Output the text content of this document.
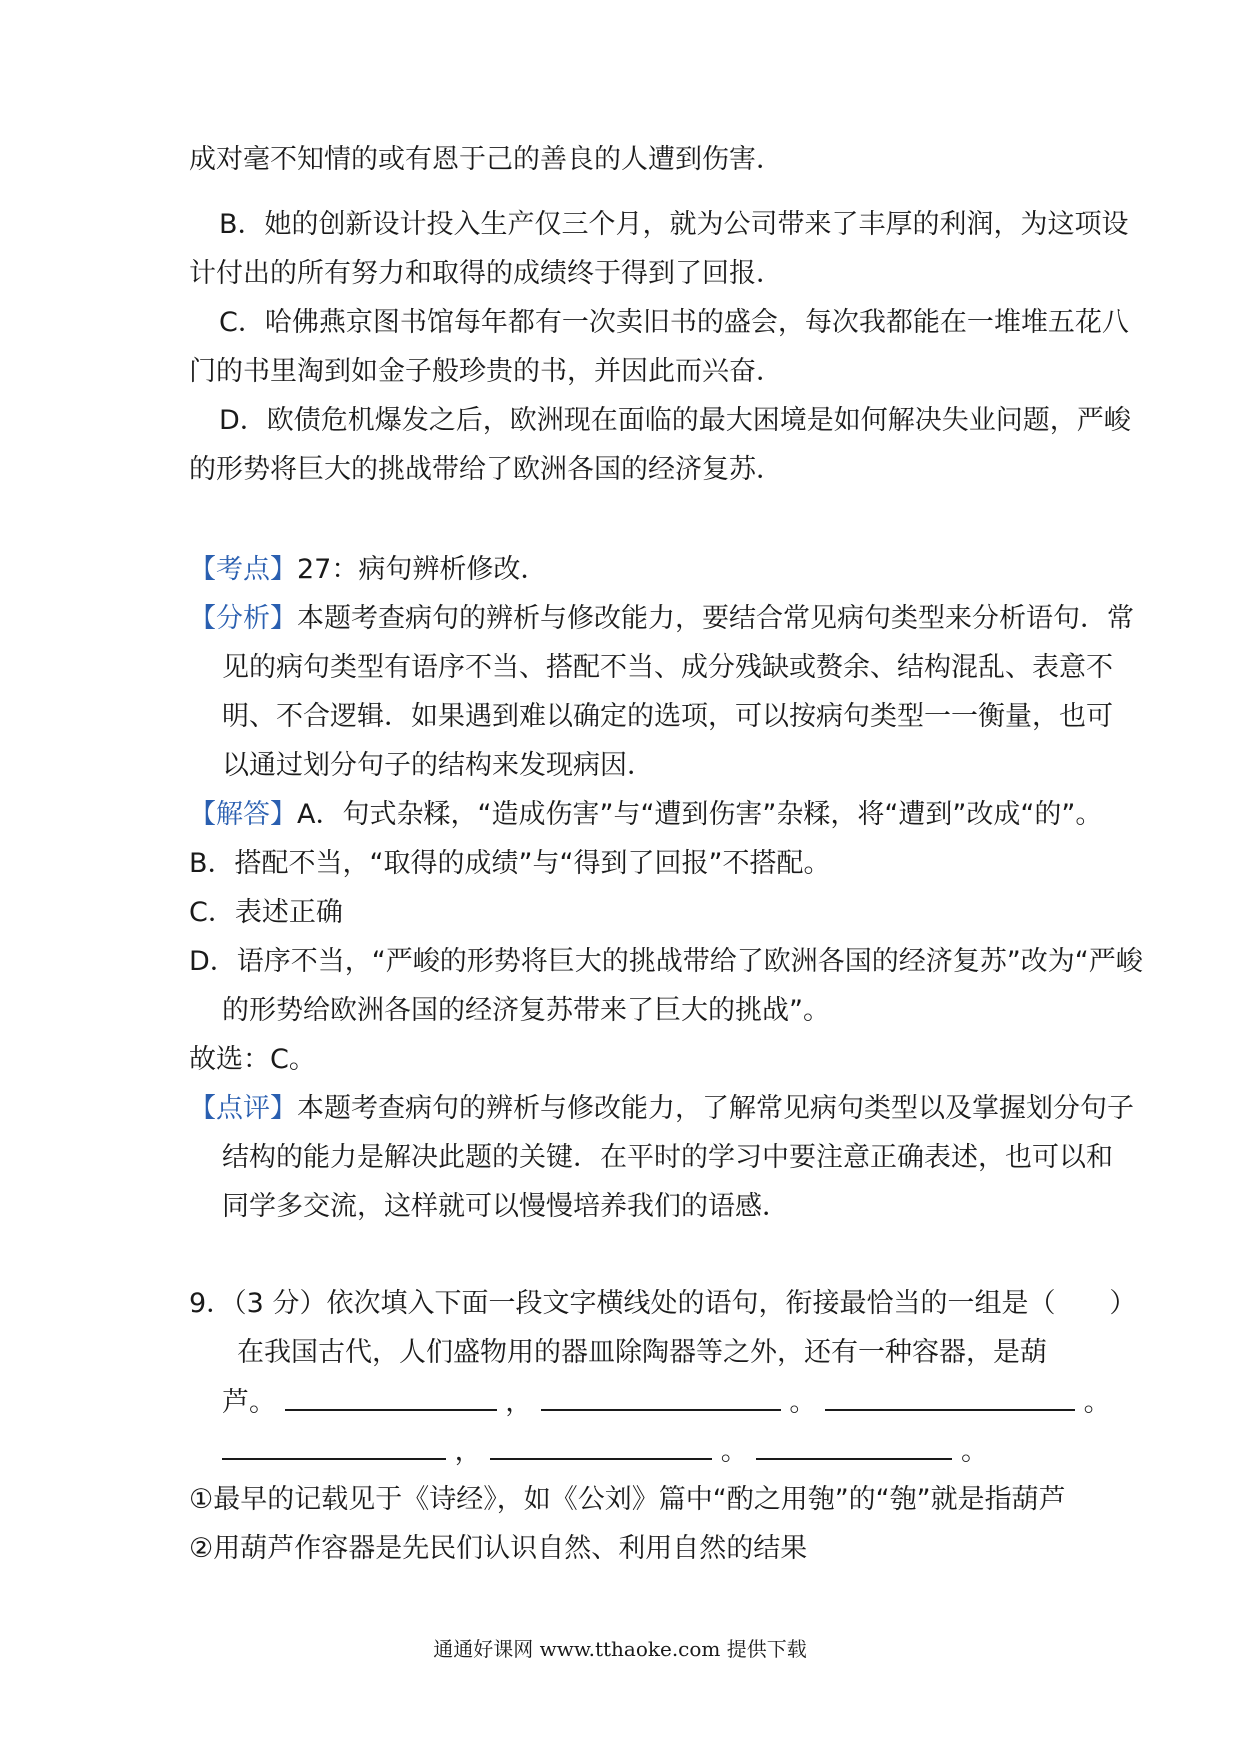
成对毫不知情的或有恩于己的善良的人遭到伤害．
B．她的创新设计投入生产仅三个月，就为公司带来了丰厚的利润，为这项设
计付出的所有努力和取得的成绩终于得到了回报．
C．哈佛燕京图书馆每年都有一次卖旧书的盛会，每次我都能在一堆堆五花八
门的书里淘到如金子般珍贵的书，并因此而兴奋．
D．欧债危机爆发之后，欧洲现在面临的最大困境是如何解决失业问题，严峻
的形势将巨大的挑战带给了欧洲各国的经济复苏．
【考点】27：病句辨析修改．
【分析】本题考查病句的辨析与修改能力，要结合常见病句类型来分析语句．常
见的病句类型有语序不当、搭配不当、成分残缺或赘余、结构混乱、表意不
明、不合逻辑．如果遇到难以确定的选项，可以按病句类型一一衡量，也可
以通过划分句子的结构来发现病因．
【解答】A．句式杂糅，“造成伤害”与“遭到伤害”杂糅，将“遭到”改成“的”。
B．搭配不当，“取得的成绩”与“得到了回报”不搭配。
C．表述正确
D．语序不当，“严峻的形势将巨大的挑战带给了欧洲各国的经济复苏”改为“严峻
的形势给欧洲各国的经济复苏带来了巨大的挑战”。
故选：C。
【点评】本题考查病句的辨析与修改能力，了解常见病句类型以及掌握划分句子
结构的能力是解决此题的关键．在平时的学习中要注意正确表述，也可以和
同学多交流，这样就可以慢慢培养我们的语感．
9．（3 分）依次填入下面一段文字横线处的语句，衔接最恰当的一组是（　　）
在我国古代，人们盛物用的器皿除陶器等之外，还有一种容器，是葫
芦。	，	。	。
，	。	。
①最早的记载见于《诗经》，如《公刘》篇中“酌之用匏”的“匏”就是指葫芦
②用葫芦作容器是先民们认识自然、利用自然的结果
通通好课网 www.tthaoke.com 提供下载
